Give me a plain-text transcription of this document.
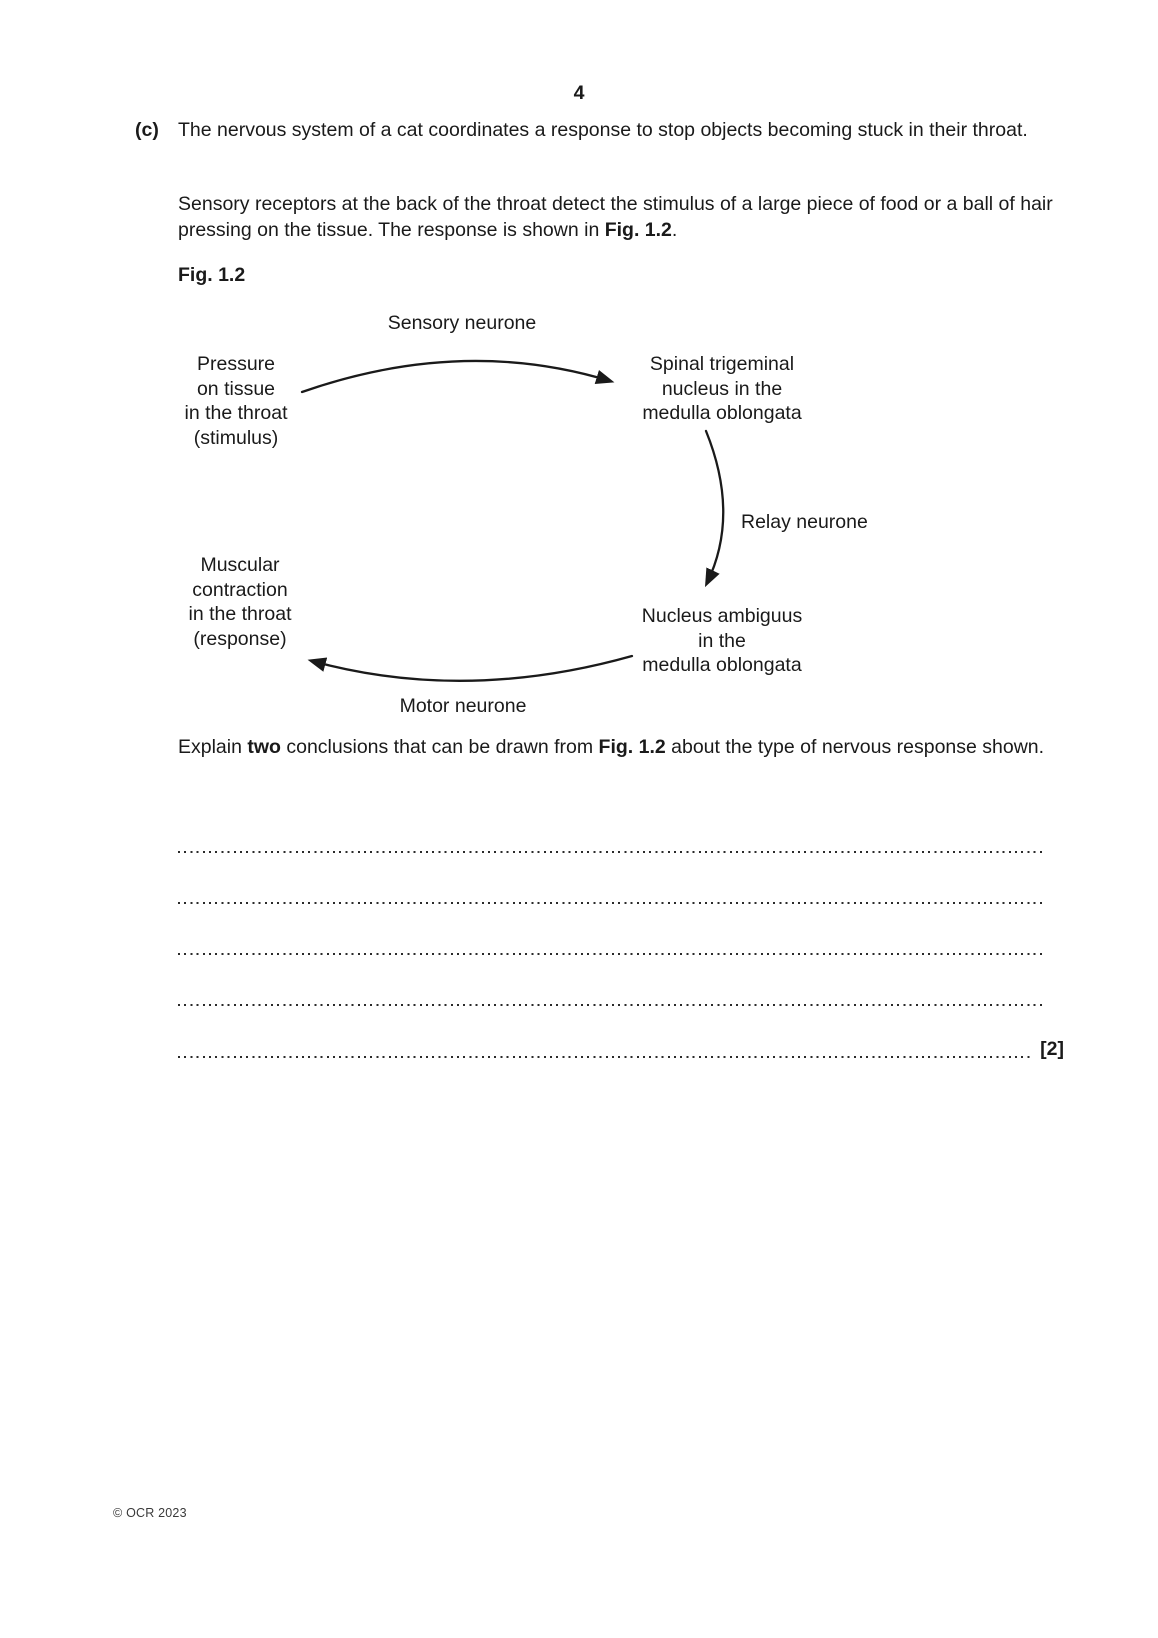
4
(c) The nervous system of a cat coordinates a response to stop objects becoming stuck in their throat.
Sensory receptors at the back of the throat detect the stimulus of a large piece of food or a ball of hair pressing on the tissue. The response is shown in Fig. 1.2.
Fig. 1.2
Sensory neurone
Pressure
on tissue
in the throat
(stimulus)
Spinal trigeminal
nucleus in the
medulla oblongata
Relay neurone
Muscular
contraction
in the throat
(response)
Nucleus ambiguus
in the
medulla oblongata
Motor neurone
Explain two conclusions that can be drawn from Fig. 1.2 about the type of nervous response shown.
[2]
© OCR 2023
